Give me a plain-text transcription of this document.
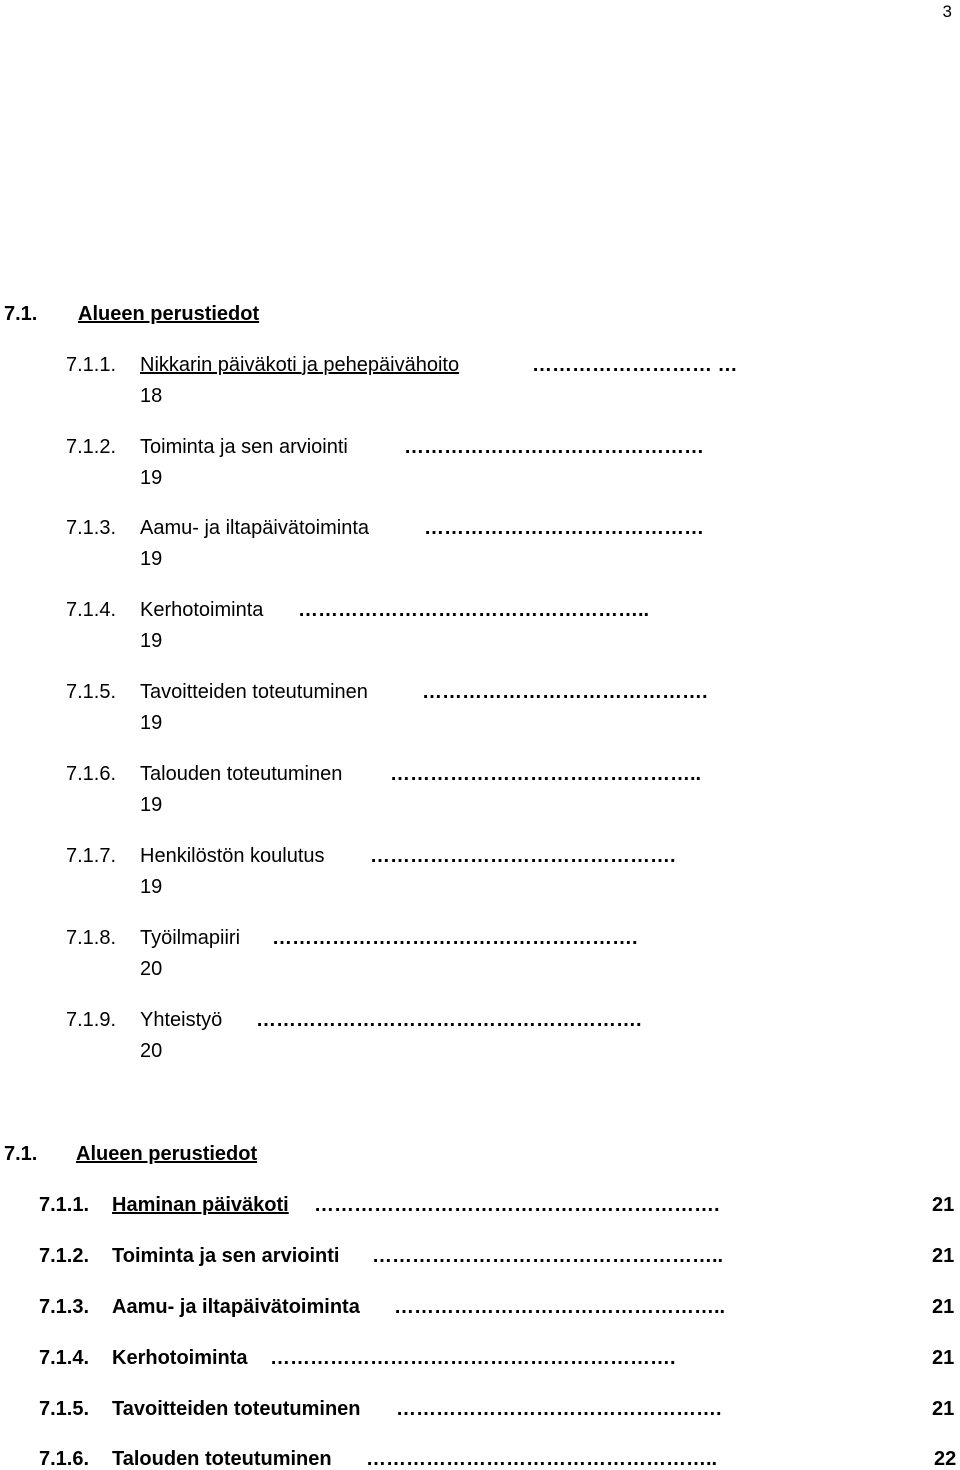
3
7.1. Alueen perustiedot
7.1.1. Nikkarin päiväkoti ja pehepäivähoito	……………………… …
18
7.1.2. Toiminta ja sen arviointi	………………………………………
19
7.1.3. Aamu- ja iltapäivätoiminta	……………………………………
19
7.1.4. Kerhotoiminta ……………………………………………..
19
7.1.5. Tavoitteiden toteutuminen	…………………………………….
19
7.1.6. Talouden toteutuminen ………………………………………..
19
7.1.7. Henkilöstön koulutus ……………………………………….
19
7.1.8. Työilmapiiri ……………………………………………….
20
7.1.9. Yhteistyö ………………………………………………….
20
7.1. Alueen perustiedot
7.1.1. Haminan päiväkoti …………………………………………………….	21
7.1.2. Toiminta ja sen arviointi ……………………………………………..	21
7.1.3. Aamu- ja iltapäivätoiminta …………………………………………..	21
7.1.4. Kerhotoiminta …………………………………………………….	21
7.1.5. Tavoitteiden toteutuminen ………………………………………….	21
7.1.6. Talouden toteutuminen ……………………………………………..	22
